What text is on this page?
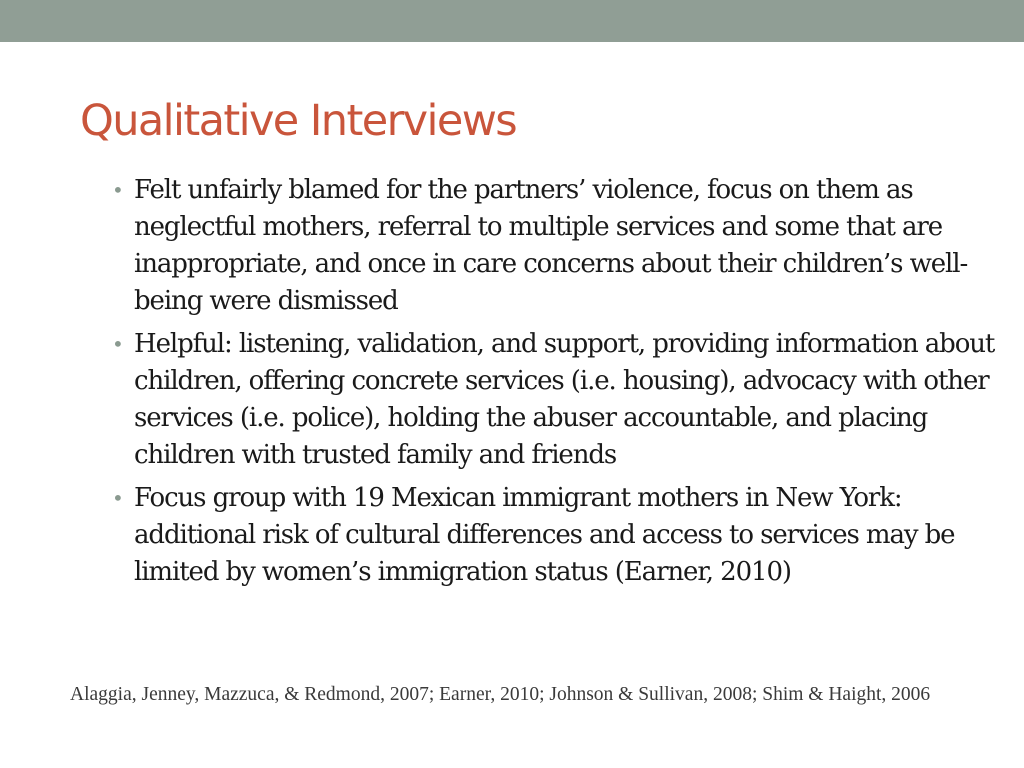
Qualitative Interviews
• Felt unfairly blamed for the partners’ violence, focus on them as neglectful mothers, referral to multiple services and some that are inappropriate, and once in care concerns about their children’s well-being were dismissed
• Helpful: listening, validation, and support, providing information about children, offering concrete services (i.e. housing), advocacy with other services (i.e. police), holding the abuser accountable, and placing children with trusted family and friends
• Focus group with 19 Mexican immigrant mothers in New York: additional risk of cultural differences and access to services may be limited by women’s immigration status (Earner, 2010)

Alaggia, Jenney, Mazzuca, & Redmond, 2007; Earner, 2010; Johnson & Sullivan, 2008; Shim & Haight, 2006
